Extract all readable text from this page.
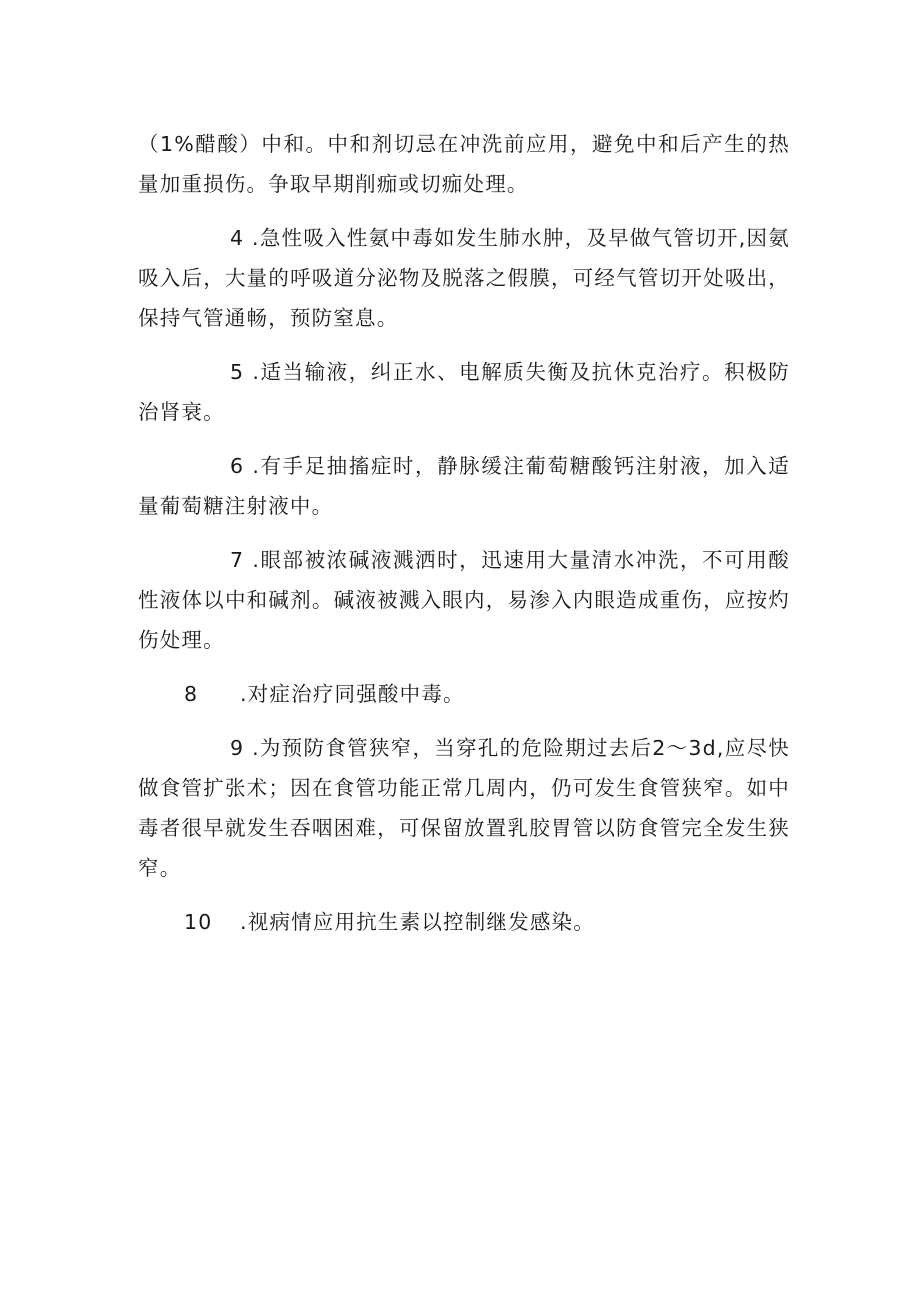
（1%醋酸）中和。中和剂切忌在冲洗前应用，避免中和后产生的热量加重损伤。争取早期削痂或切痂处理。

4 .急性吸入性氨中毒如发生肺水肿，及早做气管切开,因氨吸入后，大量的呼吸道分泌物及脱落之假膜，可经气管切开处吸出，保持气管通畅，预防窒息。

5 .适当输液，纠正水、电解质失衡及抗休克治疗。积极防治肾衰。

6 .有手足抽搐症时，静脉缓注葡萄糖酸钙注射液，加入适量葡萄糖注射液中。

7 .眼部被浓碱液溅洒时，迅速用大量清水冲洗，不可用酸性液体以中和碱剂。碱液被溅入眼内，易渗入内眼造成重伤，应按灼伤处理。

8 .对症治疗同强酸中毒。

9 .为预防食管狭窄，当穿孔的危险期过去后2～3d,应尽快做食管扩张术；因在食管功能正常几周内，仍可发生食管狭窄。如中毒者很早就发生吞咽困难，可保留放置乳胶胃管以防食管完全发生狭窄。

10 .视病情应用抗生素以控制继发感染。
